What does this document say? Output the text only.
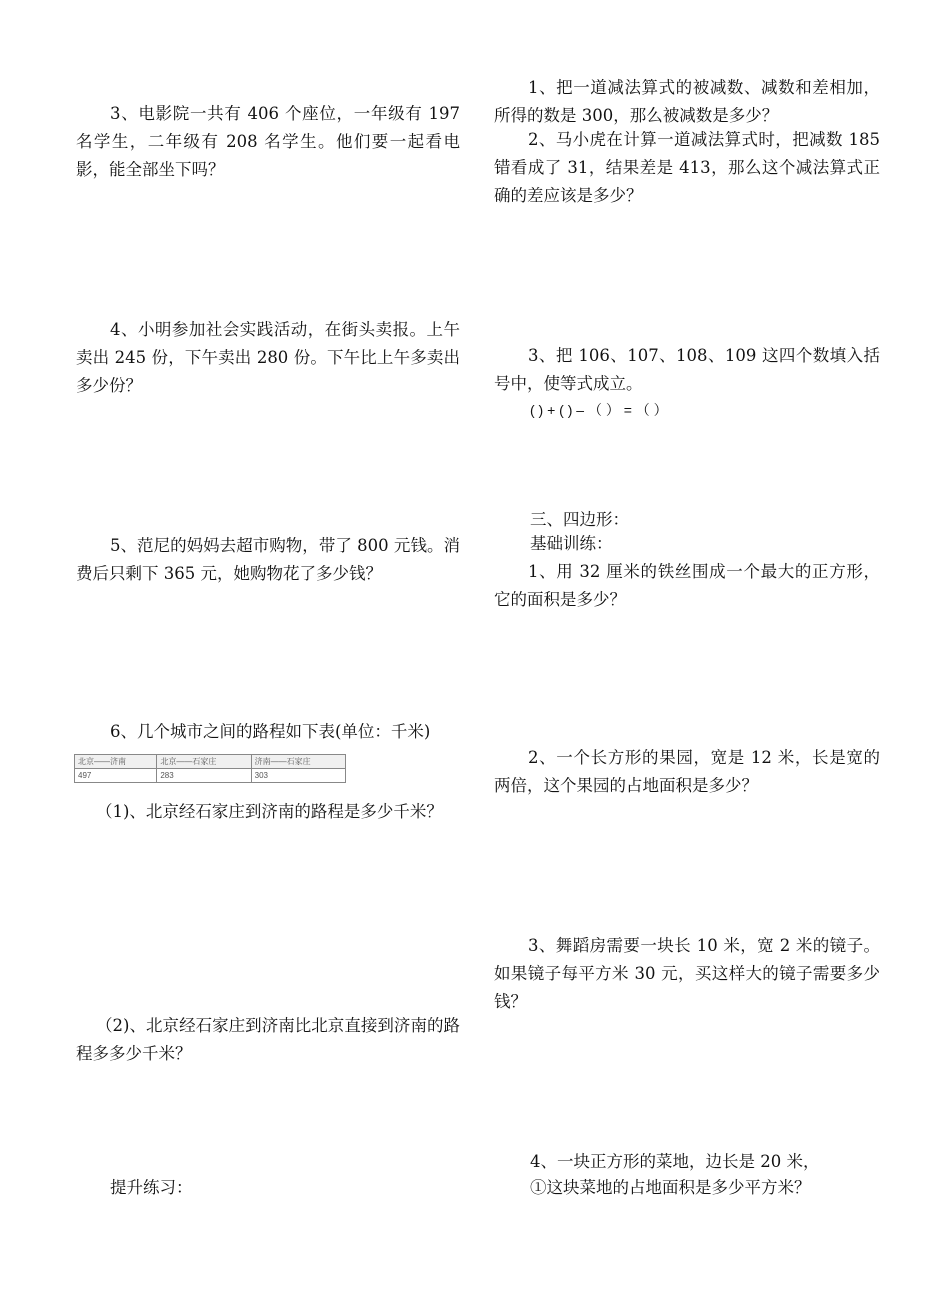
3、电影院一共有 406 个座位，一年级有 197 名学生，二年级有 208 名学生。他们要一起看电影，能全部坐下吗？

4、小明参加社会实践活动，在街头卖报。上午卖出 245 份，下午卖出 280 份。下午比上午多卖出多少份？

5、范尼的妈妈去超市购物，带了 800 元钱。消费后只剩下 365 元，她购物花了多少钱？

6、几个城市之间的路程如下表(单位：千米)

北京——济南	北京——石家庄	济南——石家庄
497	283	303

（1)、北京经石家庄到济南的路程是多少千米？

（2)、北京经石家庄到济南比北京直接到济南的路程多多少千米？

提升练习：

1、把一道减法算式的被减数、减数和差相加，所得的数是 300，那么被减数是多少？

2、马小虎在计算一道减法算式时，把减数 185 错看成了 31，结果差是 413，那么这个减法算式正确的差应该是多少？

3、把 106、107、108、109 这四个数填入括号中，使等式成立。

( ) + ( ) – （ ） = （ ）

三、四边形：

基础训练：

1、用 32 厘米的铁丝围成一个最大的正方形，它的面积是多少？

2、一个长方形的果园，宽是 12 米，长是宽的两倍，这个果园的占地面积是多少？

3、舞蹈房需要一块长 10 米，宽 2 米的镜子。如果镜子每平方米 30 元，买这样大的镜子需要多少钱？

4、一块正方形的菜地，边长是 20 米，

①这块菜地的占地面积是多少平方米？
